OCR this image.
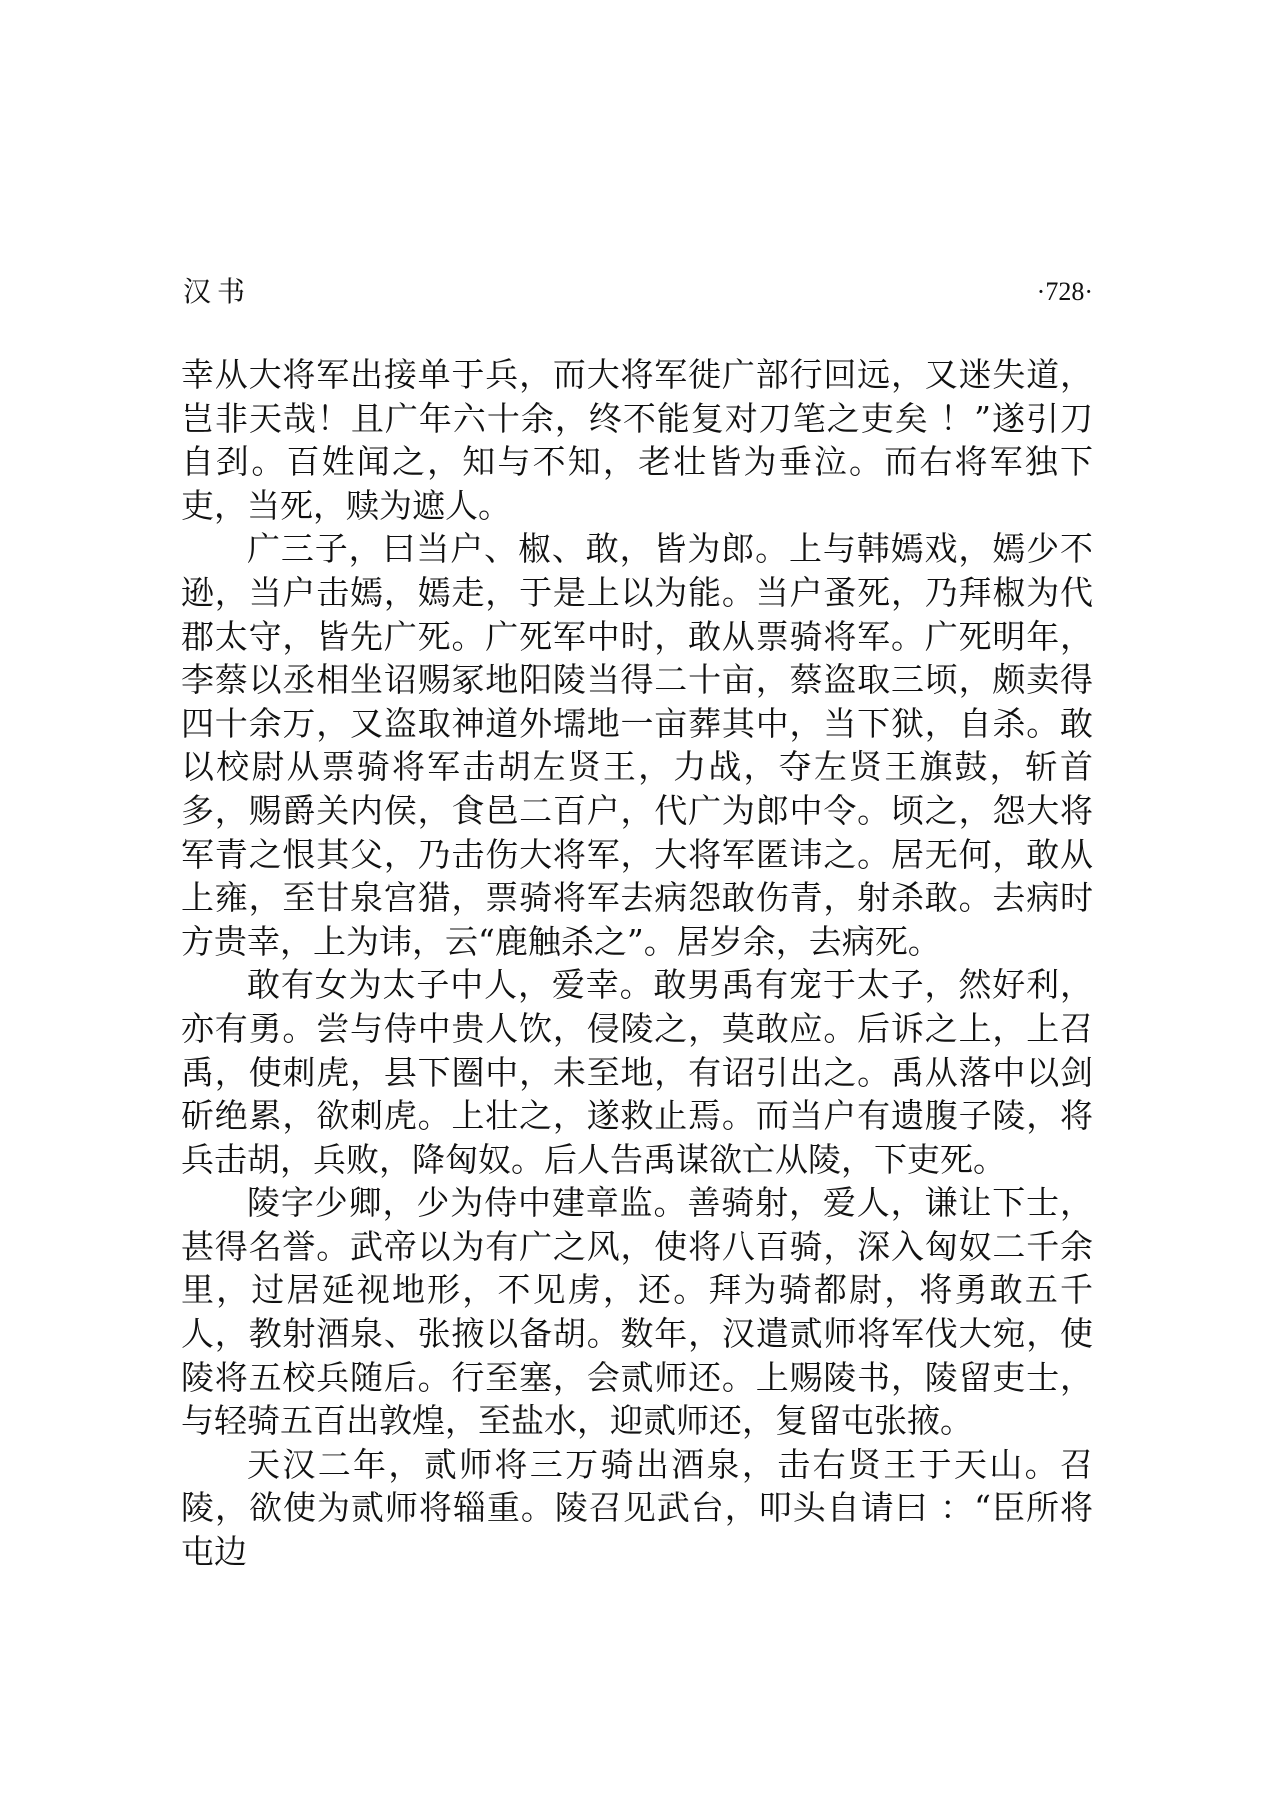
汉书	·728·

幸从大将军出接单于兵，而大将军徙广部行回远，又迷失道，岂非天哉！且广年六十余，终不能复对刀笔之吏矣 ！”遂引刀自刭。百姓闻之，知与不知，老壮皆为垂泣。而右将军独下吏，当死，赎为遮人。

广三子，曰当户、椒、敢，皆为郎。上与韩嫣戏，嫣少不逊，当户击嫣，嫣走，于是上以为能。当户蚤死，乃拜椒为代郡太守，皆先广死。广死军中时，敢从票骑将军。广死明年，李蔡以丞相坐诏赐冢地阳陵当得二十亩，蔡盗取三顷，颇卖得四十余万，又盗取神道外壖地一亩葬其中，当下狱，自杀。敢以校尉从票骑将军击胡左贤王，力战，夺左贤王旗鼓，斩首多，赐爵关内侯，食邑二百户，代广为郎中令。顷之，怨大将军青之恨其父，乃击伤大将军，大将军匿讳之。居无何，敢从上雍，至甘泉宫猎，票骑将军去病怨敢伤青，射杀敢。去病时方贵幸，上为讳，云“鹿触杀之”。居岁余，去病死。

敢有女为太子中人，爱幸。敢男禹有宠于太子，然好利，亦有勇。尝与侍中贵人饮，侵陵之，莫敢应。后诉之上，上召禹，使刺虎，县下圈中，未至地，有诏引出之。禹从落中以剑斫绝累，欲刺虎。上壮之，遂救止焉。而当户有遗腹子陵，将兵击胡，兵败，降匈奴。后人告禹谋欲亡从陵，下吏死。

陵字少卿，少为侍中建章监。善骑射，爱人，谦让下士，甚得名誉。武帝以为有广之风，使将八百骑，深入匈奴二千余里，过居延视地形，不见虏，还。拜为骑都尉，将勇敢五千人，教射酒泉、张掖以备胡。数年，汉遣贰师将军伐大宛，使陵将五校兵随后。行至塞，会贰师还。上赐陵书，陵留吏士，与轻骑五百出敦煌，至盐水，迎贰师还，复留屯张掖。

天汉二年，贰师将三万骑出酒泉，击右贤王于天山。召陵，欲使为贰师将辎重。陵召见武台，叩头自请曰 ：“臣所将屯边
